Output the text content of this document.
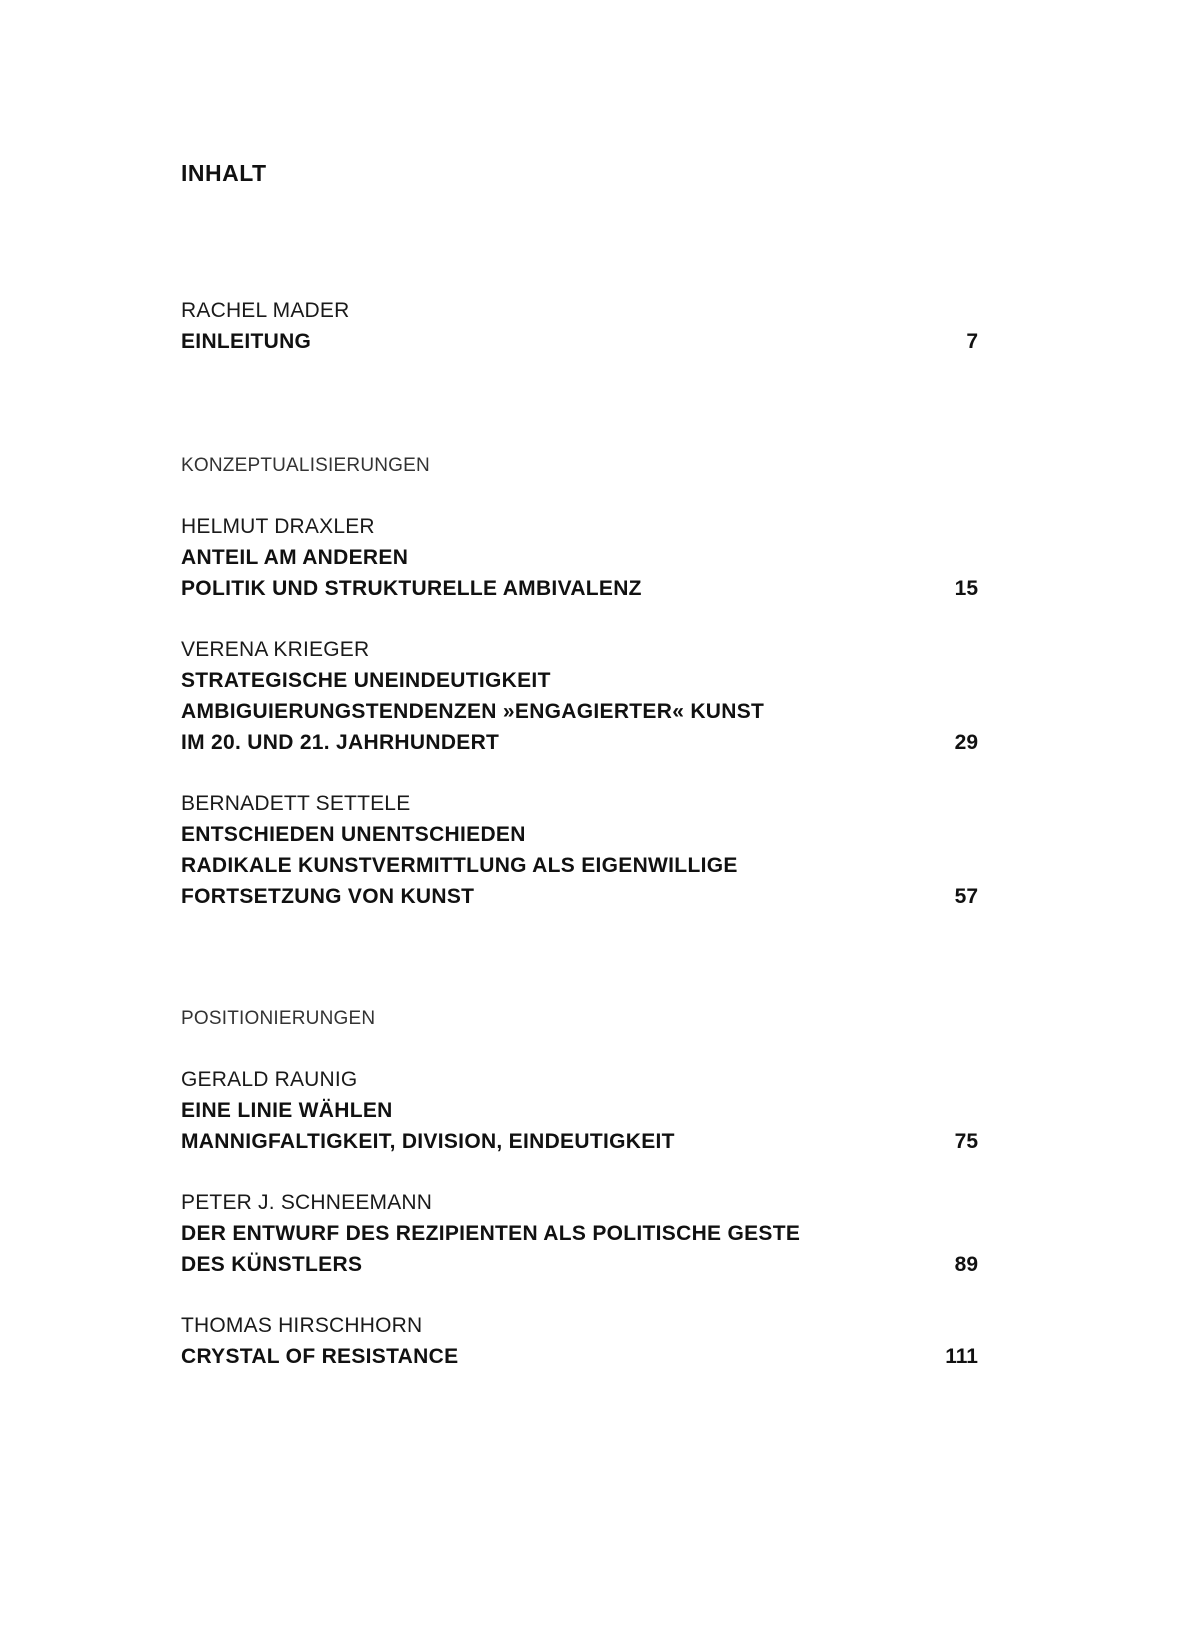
INHALT
RACHEL MADER
EINLEITUNG	7
KONZEPTUALISIERUNGEN
HELMUT DRAXLER
ANTEIL AM ANDEREN
POLITIK UND STRUKTURELLE AMBIVALENZ	15
VERENA KRIEGER
STRATEGISCHE UNEINDEUTIGKEIT
AMBIGUIERUNGSTENDENZEN »ENGAGIERTER« KUNST
IM 20. UND 21. JAHRHUNDERT	29
BERNADETT SETTELE
ENTSCHIEDEN UNENTSCHIEDEN
RADIKALE KUNSTVERMITTLUNG ALS EIGENWILLIGE
FORTSETZUNG VON KUNST	57
POSITIONIERUNGEN
GERALD RAUNIG
EINE LINIE WÄHLEN
MANNIGFALTIGKEIT, DIVISION, EINDEUTIGKEIT	75
PETER J. SCHNEEMANN
DER ENTWURF DES REZIPIENTEN ALS POLITISCHE GESTE
DES KÜNSTLERS	89
THOMAS HIRSCHHORN
CRYSTAL OF RESISTANCE	111
